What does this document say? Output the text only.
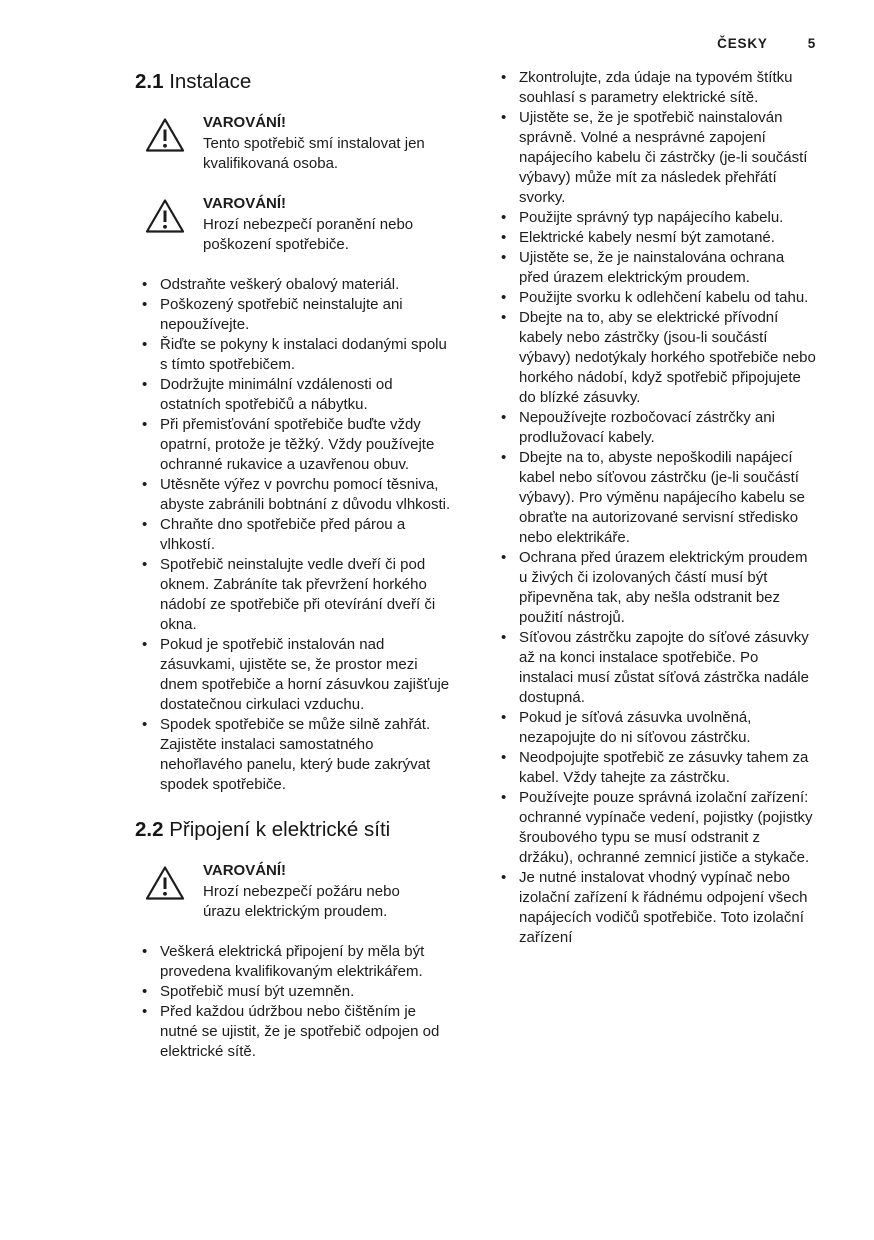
ČESKY	5
2.1 Instalace
VAROVÁNÍ!
Tento spotřebič smí instalovat jen kvalifikovaná osoba.
VAROVÁNÍ!
Hrozí nebezpečí poranění nebo poškození spotřebiče.
• Odstraňte veškerý obalový materiál.
• Poškozený spotřebič neinstalujte ani nepoužívejte.
• Řiďte se pokyny k instalaci dodanými spolu s tímto spotřebičem.
• Dodržujte minimální vzdálenosti od ostatních spotřebičů a nábytku.
• Při přemisťování spotřebiče buďte vždy opatrní, protože je těžký. Vždy používejte ochranné rukavice a uzavřenou obuv.
• Utěsněte výřez v povrchu pomocí těsniva, abyste zabránili bobtnání z důvodu vlhkosti.
• Chraňte dno spotřebiče před párou a vlhkostí.
• Spotřebič neinstalujte vedle dveří či pod oknem. Zabráníte tak převržení horkého nádobí ze spotřebiče při otevírání dveří či okna.
• Pokud je spotřebič instalován nad zásuvkami, ujistěte se, že prostor mezi dnem spotřebiče a horní zásuvkou zajišťuje dostatečnou cirkulaci vzduchu.
• Spodek spotřebiče se může silně zahřát. Zajistěte instalaci samostatného nehořlavého panelu, který bude zakrývat spodek spotřebiče.
2.2 Připojení k elektrické síti
VAROVÁNÍ!
Hrozí nebezpečí požáru nebo úrazu elektrickým proudem.
• Veškerá elektrická připojení by měla být provedena kvalifikovaným elektrikářem.
• Spotřebič musí být uzemněn.
• Před každou údržbou nebo čištěním je nutné se ujistit, že je spotřebič odpojen od elektrické sítě.
• Zkontrolujte, zda údaje na typovém štítku souhlasí s parametry elektrické sítě.
• Ujistěte se, že je spotřebič nainstalován správně. Volné a nesprávné zapojení napájecího kabelu či zástrčky (je-li součástí výbavy) může mít za následek přehřátí svorky.
• Použijte správný typ napájecího kabelu.
• Elektrické kabely nesmí být zamotané.
• Ujistěte se, že je nainstalována ochrana před úrazem elektrickým proudem.
• Použijte svorku k odlehčení kabelu od tahu.
• Dbejte na to, aby se elektrické přívodní kabely nebo zástrčky (jsou-li součástí výbavy) nedotýkaly horkého spotřebiče nebo horkého nádobí, když spotřebič připojujete do blízké zásuvky.
• Nepoužívejte rozbočovací zástrčky ani prodlužovací kabely.
• Dbejte na to, abyste nepoškodili napájecí kabel nebo síťovou zástrčku (je-li součástí výbavy). Pro výměnu napájecího kabelu se obraťte na autorizované servisní středisko nebo elektrikáře.
• Ochrana před úrazem elektrickým proudem u živých či izolovaných částí musí být připevněna tak, aby nešla odstranit bez použití nástrojů.
• Síťovou zástrčku zapojte do síťové zásuvky až na konci instalace spotřebiče. Po instalaci musí zůstat síťová zástrčka nadále dostupná.
• Pokud je síťová zásuvka uvolněná, nezapojujte do ni síťovou zástrčku.
• Neodpojujte spotřebič ze zásuvky tahem za kabel. Vždy tahejte za zástrčku.
• Používejte pouze správná izolační zařízení: ochranné vypínače vedení, pojistky (pojistky šroubového typu se musí odstranit z držáku), ochranné zemnicí jističe a stykače.
• Je nutné instalovat vhodný vypínač nebo izolační zařízení k řádnému odpojení všech napájecích vodičů spotřebiče. Toto izolační zařízení
